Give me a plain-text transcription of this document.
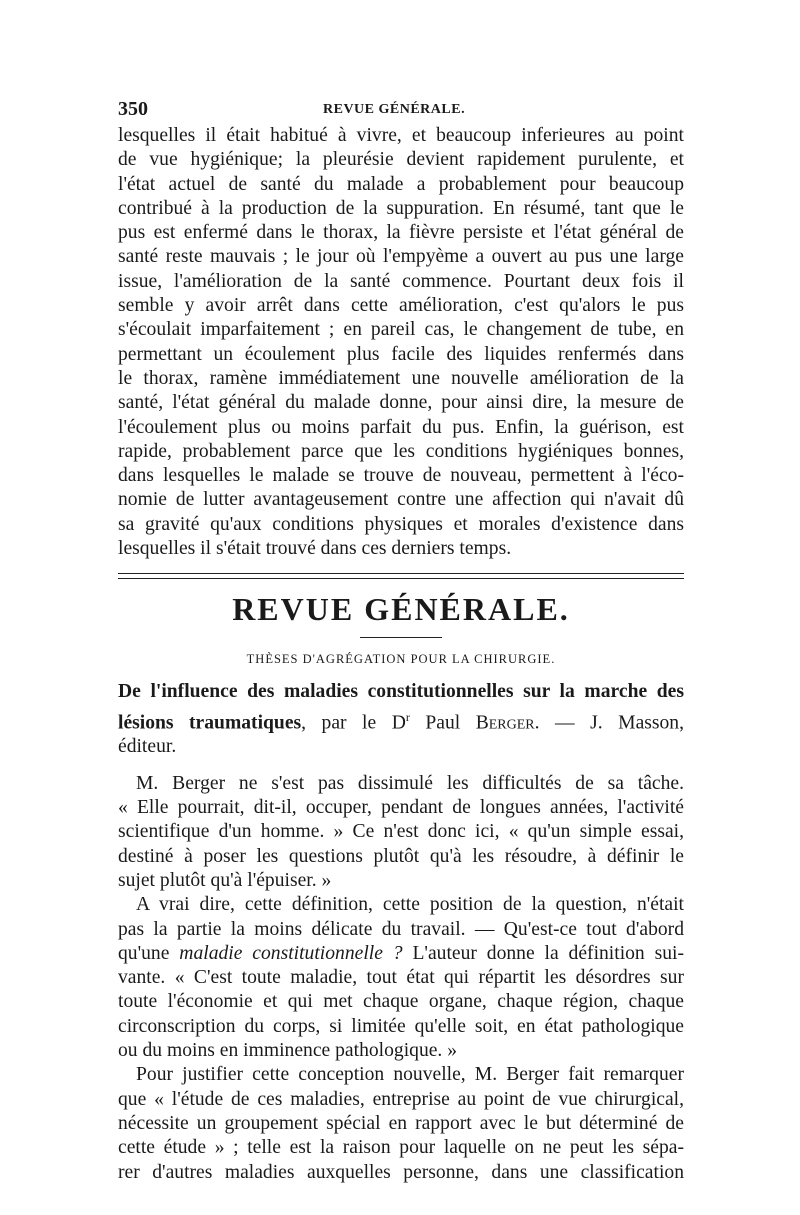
350	REVUE GÉNÉRALE.
lesquelles il était habitué à vivre, et beaucoup inferieures au point
de vue hygiénique; la pleurésie devient rapidement purulente, et
l'état actuel de santé du malade a probablement pour beaucoup
contribué à la production de la suppuration. En résumé, tant que le
pus est enfermé dans le thorax, la fièvre persiste et l'état général de
santé reste mauvais ; le jour où l'empyème a ouvert au pus une large
issue, l'amélioration de la santé commence. Pourtant deux fois il
semble y avoir arrêt dans cette amélioration, c'est qu'alors le pus
s'écoulait imparfaitement ; en pareil cas, le changement de tube, en
permettant un écoulement plus facile des liquides renfermés dans
le thorax, ramène immédiatement une nouvelle amélioration de la
santé, l'état général du malade donne, pour ainsi dire, la mesure de
l'écoulement plus ou moins parfait du pus. Enfin, la guérison, est
rapide, probablement parce que les conditions hygiéniques bonnes,
dans lesquelles le malade se trouve de nouveau, permettent à l'éco-
nomie de lutter avantageusement contre une affection qui n'avait dû
sa gravité qu'aux conditions physiques et morales d'existence dans
lesquelles il s'était trouvé dans ces derniers temps.
REVUE GÉNÉRALE.
THÈSES D'AGRÉGATION POUR LA CHIRURGIE.
De l'influence des maladies constitutionnelles sur la marche des
lésions traumatiques, par le $D^r$ Paul Berger. — J. Masson,
éditeur.
M. Berger ne s'est pas dissimulé les difficultés de sa tâche.
« Elle pourrait, dit-il, occuper, pendant de longues années, l'activité
scientifique d'un homme. » Ce n'est donc ici, « qu'un simple essai,
destiné à poser les questions plutôt qu'à les résoudre, à définir le
sujet plutôt qu'à l'épuiser. »
A vrai dire, cette définition, cette position de la question, n'était
pas la partie la moins délicate du travail. — Qu'est-ce tout d'abord
qu'une maladie constitutionnelle ? L'auteur donne la définition sui-
vante. « C'est toute maladie, tout état qui répartit les désordres sur
toute l'économie et qui met chaque organe, chaque région, chaque
circonscription du corps, si limitée qu'elle soit, en état pathologique
ou du moins en imminence pathologique. »
Pour justifier cette conception nouvelle, M. Berger fait remarquer
que « l'étude de ces maladies, entreprise au point de vue chirurgical,
nécessite un groupement spécial en rapport avec le but déterminé de
cette étude » ; telle est la raison pour laquelle on ne peut les sépa-
rer d'autres maladies auxquelles personne, dans une classification
